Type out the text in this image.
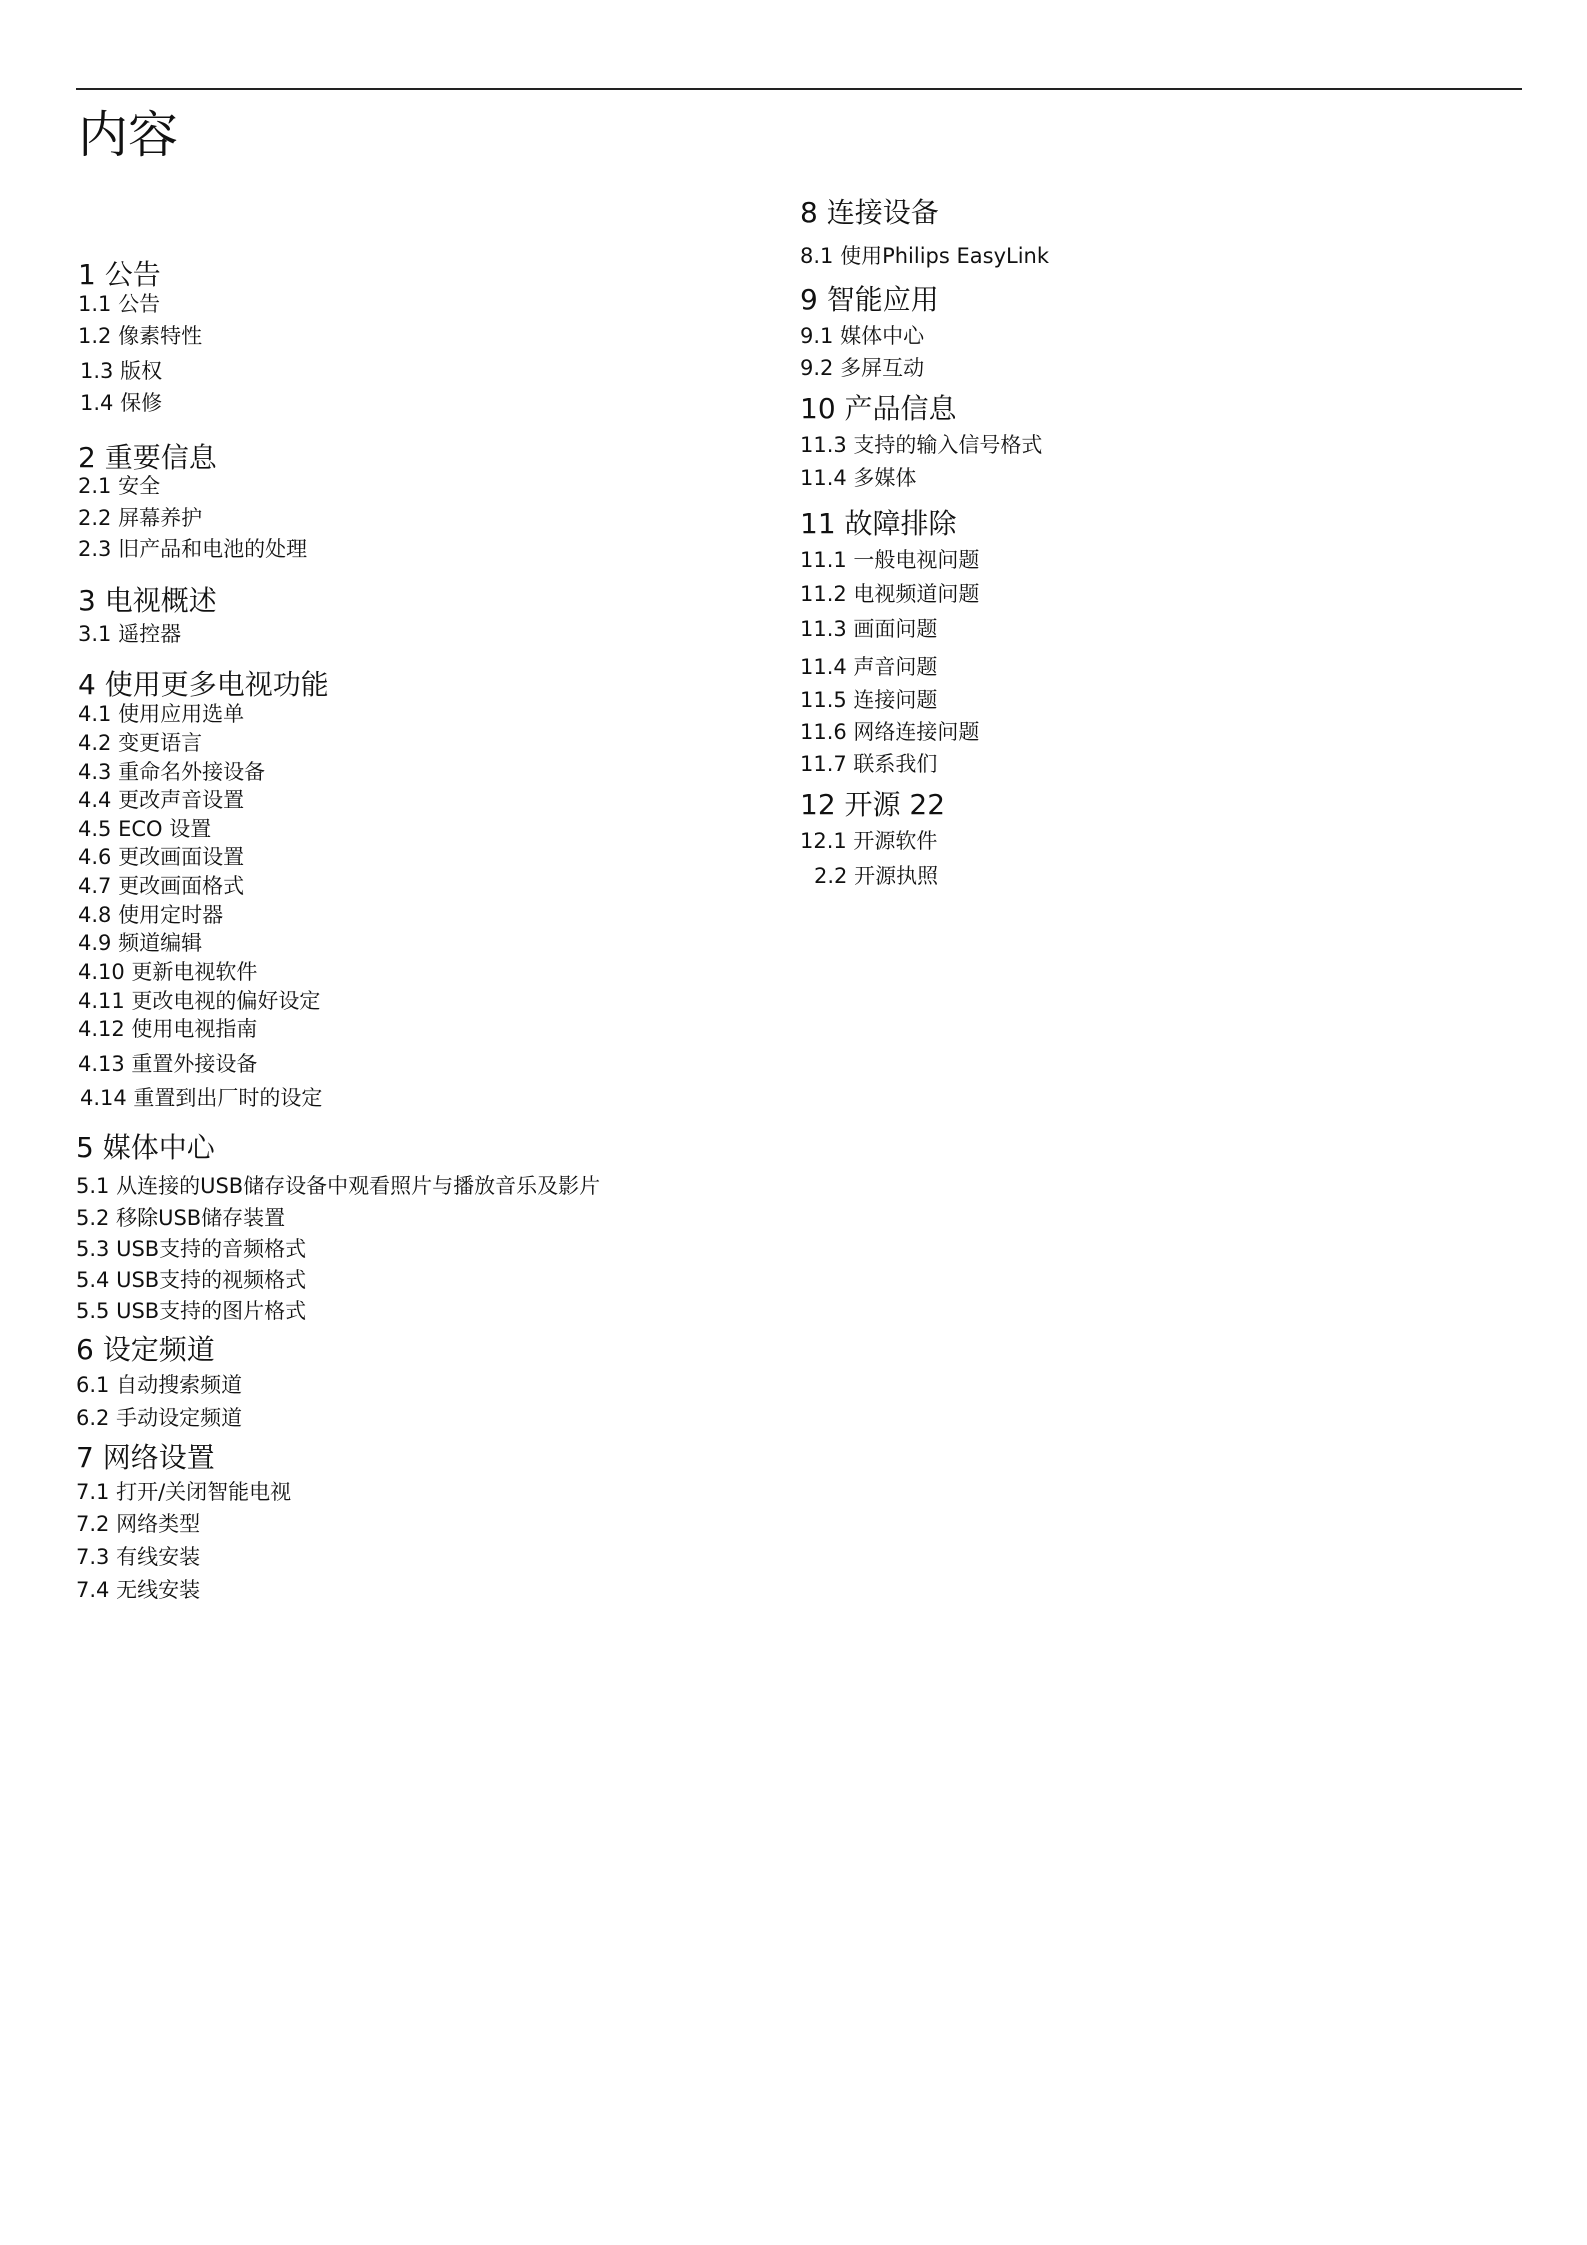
内容
1 公告
1.1 公告
1.2 像素特性
1.3 版权
1.4 保修
2 重要信息
2.1 安全
2.2 屏幕养护
2.3 旧产品和电池的处理
3 电视概述
3.1 遥控器
4 使用更多电视功能
4.1 使用应用选单
4.2 变更语言
4.3 重命名外接设备
4.4 更改声音设置
4.5 ECO 设置
4.6 更改画面设置
4.7 更改画面格式
4.8 使用定时器
4.9 频道编辑
4.10 更新电视软件
4.11 更改电视的偏好设定
4.12 使用电视指南
4.13 重置外接设备
4.14 重置到出厂时的设定
5 媒体中心
5.1 从连接的USB储存设备中观看照片与播放音乐及影片
5.2 移除USB储存装置
5.3 USB支持的音频格式
5.4 USB支持的视频格式
5.5 USB支持的图片格式
6 设定频道
6.1 自动搜索频道
6.2 手动设定频道
7 网络设置
7.1 打开/关闭智能电视
7.2 网络类型
7.3 有线安装
7.4 无线安装
8 连接设备
8.1 使用Philips EasyLink
9 智能应用
9.1 媒体中心
9.2 多屏互动
10 产品信息
11.3 支持的输入信号格式
11.4 多媒体
11 故障排除
11.1 一般电视问题
11.2 电视频道问题
11.3 画面问题
11.4 声音问题
11.5 连接问题
11.6 网络连接问题
11.7 联系我们
12 开源 22
12.1 开源软件
2.2 开源执照
